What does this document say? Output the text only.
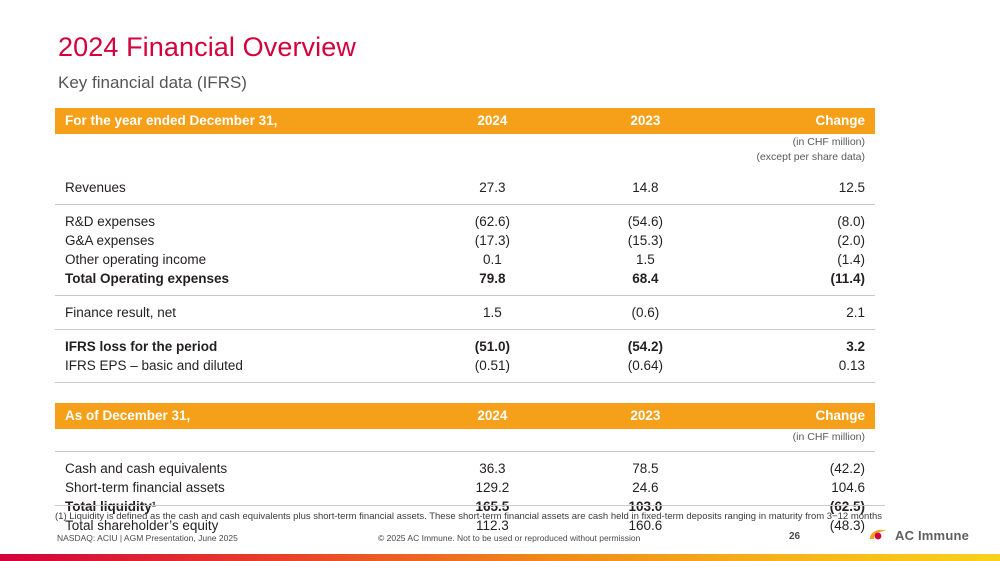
2024 Financial Overview
Key financial data (IFRS)
For the year ended December 31,	2024	2023	Change
(in CHF million)			
(except per share data)			

Revenues	27.3	14.8	12.5

R&D expenses	(62.6)	(54.6)	(8.0)
G&A expenses	(17.3)	(15.3)	(2.0)
Other operating income	0.1	1.5	(1.4)
Total Operating expenses	79.8	68.4	(11.4)

Finance result, net	1.5	(0.6)	2.1

IFRS loss for the period	(51.0)	(54.2)	3.2
IFRS EPS – basic and diluted	(0.51)	(0.64)	0.13

As of December 31,	2024	2023	Change
(in CHF million)			

Cash and cash equivalents	36.3	78.5	(42.2)
Short-term financial assets	129.2	24.6	104.6
Total liquidity¹	165.5	103.0	(62.5)
Total shareholder’s equity	112.3	160.6	(48.3)
(1) Liquidity is defined as the cash and cash equivalents plus short-term financial assets. These short-term financial assets are cash held in fixed-term deposits ranging in maturity from 3−12 months
NASDAQ: ACIU | AGM Presentation, June 2025	© 2025 AC Immune. Not to be used or reproduced without permission	26	AC Immune
